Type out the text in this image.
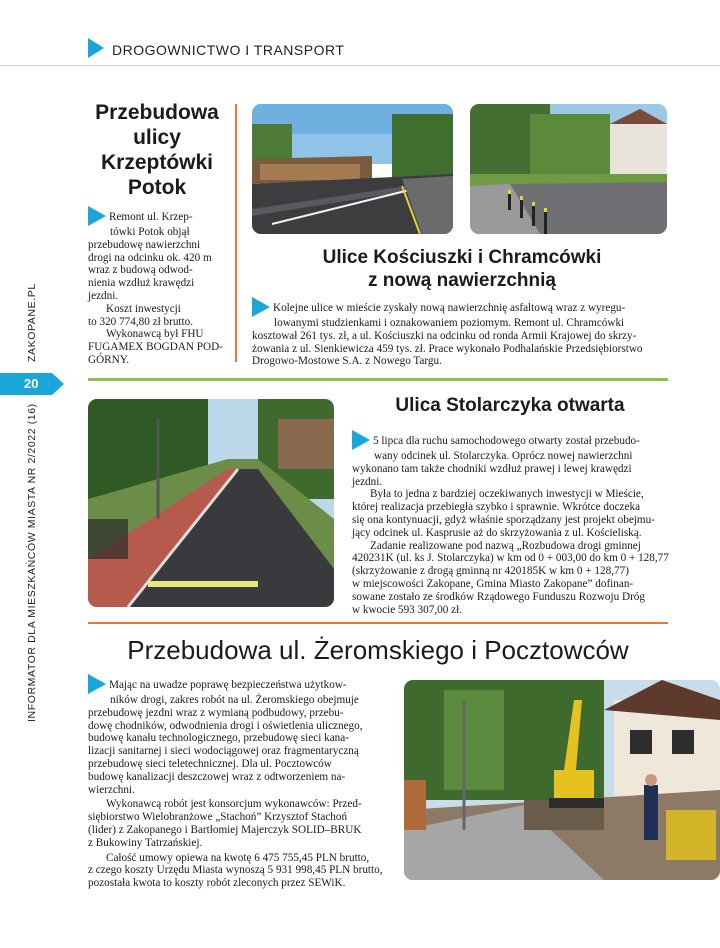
DROGOWNICTWO I TRANSPORT
ZAKOPANE.PL
20
INFORMATOR DLA MIESZKAŃCÓW MIASTA NR 2/2022 (16)
Przebudowa
ulicy
Krzeptówki
Potok

Remont ul. Krzep-

tówki Potok objął

przebudowę nawierzchni

drogi na odcinku ok. 420 m

wraz z budową odwod-

nienia wzdłuż krawędzi

jezdni.

Koszt inwestycji

to 320 774,80 zł brutto.

Wykonawcą był FHU

FUGAMEX BOGDAN POD-

GÓRNY.

Ulice Kościuszki i Chramcówki
z nową nawierzchnią

Kolejne ulice w mieście zyskały nową nawierzchnię asfaltową wraz z wyregu-

lowanymi studzienkami i oznakowaniem poziomym. Remont ul. Chramcówki

kosztował 261 tys. zł, a ul. Kościuszki na odcinku od ronda Armii Krajowej do skrzy-

żowania z ul. Sienkiewicza 459 tys. zł. Prace wykonało Podhalańskie Przedsiębiorstwo

Drogowo-Mostowe S.A. z Nowego Targu.

Ulica Stolarczyka otwarta

5 lipca dla ruchu samochodowego otwarty został przebudo-

wany odcinek ul. Stolarczyka. Oprócz nowej nawierzchni

wykonano tam także chodniki wzdłuż prawej i lewej krawędzi

jezdni.

Była to jedna z bardziej oczekiwanych inwestycji w Mieście,

której realizacja przebiegła szybko i sprawnie. Wkrótce doczeka

się ona kontynuacji, gdyż właśnie sporządzany jest projekt obejmu-

jący odcinek ul. Kasprusie aż do skrzyżowania z ul. Kościeliską.

Zadanie realizowane pod nazwą „Rozbudowa drogi gminnej

420231K (ul. ks J. Stolarczyka) w km od 0 + 003,00 do km 0 + 128,77

(skrzyżowanie z drogą gminną nr 420185K w km 0 + 128,77)

w miejscowości Zakopane, Gmina Miasto Zakopane” dofinan-

sowane zostało ze środków Rządowego Funduszu Rozwoju Dróg

w kwocie 593 307,00 zł.

Przebudowa ul. Żeromskiego i Pocztowców

Mając na uwadze poprawę bezpieczeństwa użytkow-

ników drogi, zakres robót na ul. Żeromskiego obejmuje

przebudowę jezdni wraz z wymianą podbudowy, przebu-

dowę chodników, odwodnienia drogi i oświetlenia ulicznego,

budowę kanału technologicznego, przebudowę sieci kana-

lizacji sanitarnej i sieci wodociągowej oraz fragmentaryczną

przebudowę sieci teletechnicznej. Dla ul. Pocztowców

budowę kanalizacji deszczowej wraz z odtworzeniem na-

wierzchni.

Wykonawcą robót jest konsorcjum wykonawców: Przed-

siębiorstwo Wielobranżowe „Stachoń” Krzysztof Stachoń

(lider) z Zakopanego i Bartłomiej Majerczyk SOLID–BRUK

z Bukowiny Tatrzańskiej.

Całość umowy opiewa na kwotę 6 475 755,45 PLN brutto,

z czego koszty Urzędu Miasta wynoszą 5 931 998,45 PLN brutto,

pozostała kwota to koszty robót zleconych przez SEWiK.
